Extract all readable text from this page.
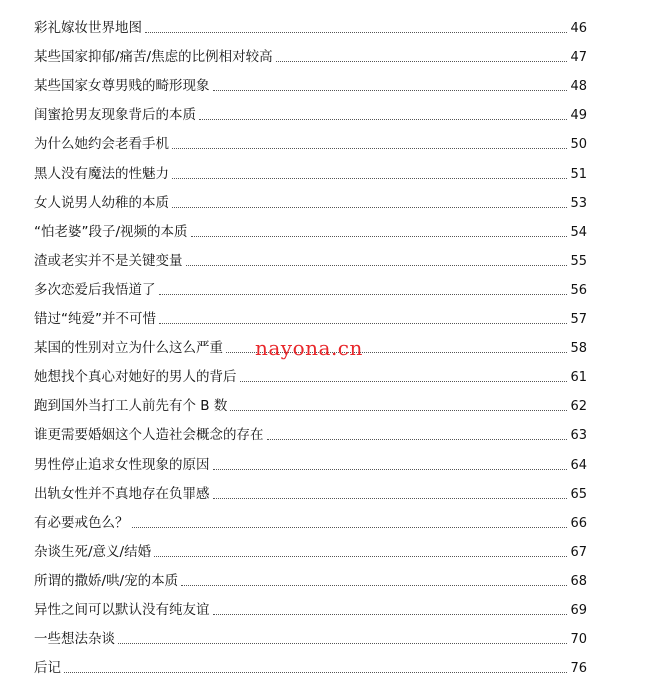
彩礼嫁妆世界地图	46
某些国家抑郁/痛苦/焦虑的比例相对较高	47
某些国家女尊男贱的畸形现象	48
闺蜜抢男友现象背后的本质	49
为什么她约会老看手机	50
黑人没有魔法的性魅力	51
女人说男人幼稚的本质	53
“怕老婆”段子/视频的本质	54
渣或老实并不是关键变量	55
多次恋爱后我悟道了	56
错过“纯爱”并不可惜	57
某国的性别对立为什么这么严重	58
她想找个真心对她好的男人的背后	61
跑到国外当打工人前先有个 B 数	62
谁更需要婚姻这个人造社会概念的存在	63
男性停止追求女性现象的原因	64
出轨女性并不真地存在负罪感	65
有必要戒色么？	66
杂谈生死/意义/结婚	67
所谓的撒娇/哄/宠的本质	68
异性之间可以默认没有纯友谊	69
一些想法杂谈	70
后记	76
nayona.cn
